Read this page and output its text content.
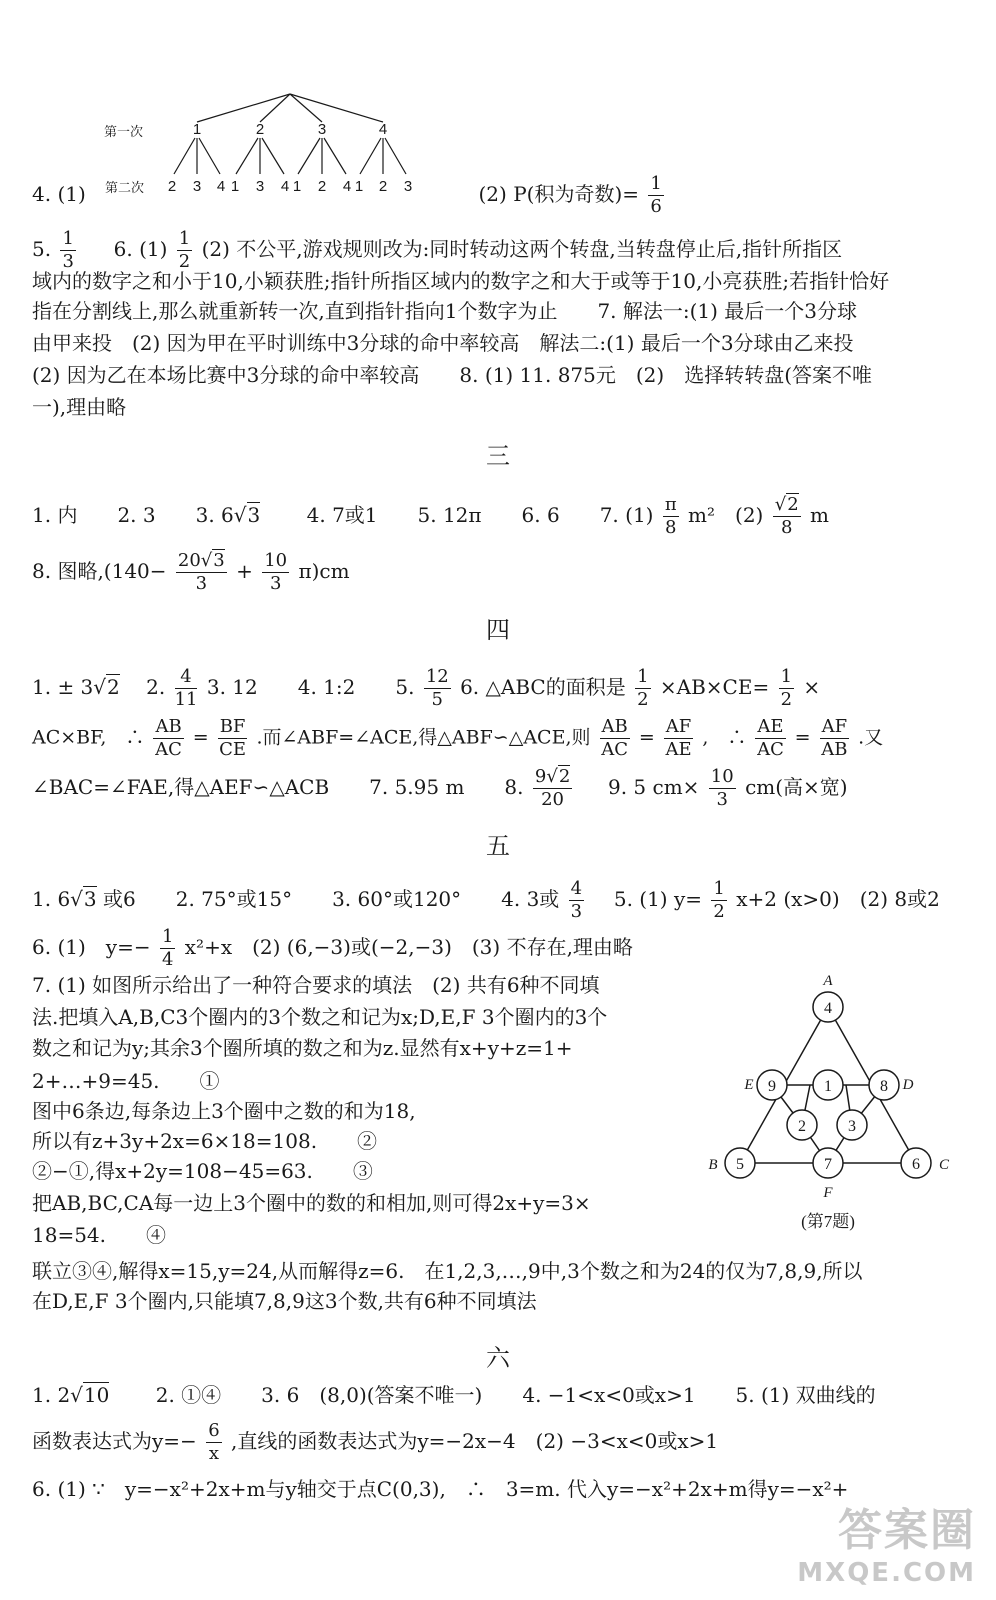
第一次
第二次
1	2	3	4
2 3 4 1 3 4 1 2 4 1 2 3
4. (1)	(2) P(积为奇数)= $\frac{1}{6}$
5. $\frac{1}{3} 6$. $(1) \frac{1}{2} (2)$ 不公平,游戏规则改为:同时转动这两个转盘,当转盘停止后,指针所指区
域内的数字之和小于10,小颖获胜;指针所指区域内的数字之和大于或等于10,小亮获胜;若指针恰好
指在分割线上,那么就重新转一次,直到指针指向1个数字为止　　7. 解法一:(1) 最后一个3分球
由甲来投　(2) 因为甲在平时训练中3分球的命中率较高　解法二:(1) 最后一个3分球由乙来投
(2) 因为乙在本场比赛中3分球的命中率较高　　8. (1) 11. 875元　(2)　选择转转盘(答案不唯
一),理由略
三
1. 内　　2. 3　　3. 6√3 　　4. 7或1　　5. 12π　　6. 6　　7. $(1) \frac{\pi}{8} m^2$　$(2) \frac{√2}{8}$ m
8. 图略$,(140- \frac{20√3}{3} + \frac{10}{3} \pi)cm$
四
1. ± 3√2 　2. $\frac{4}{11} 3$. 12　　4. 1:2　　5. $\frac{12}{5} 6$. △ABC的面积是 $\frac{1}{2} \times AB\times CE= \frac{1}{2}$ ×
AC×BF,　∴ $\frac{AB}{AC} = \frac{BF}{CE}$ .而∠ABF=∠ACE,得△ABF∽△ACE,则 $\frac{AB}{AC} = \frac{AF}{AE}$ ,　∴ $\frac{AE}{AC} = \frac{AF}{AB}$ .又
∠BAC=∠FAE,得△AEF∽△ACB　　7. 5.95 m　　8. $\frac{9√2}{20} 9$. 5 $cm\times \frac{10}{3} cm$(高×宽)
五
1. 6√3 或6　　2. 75°或15°　　3. 60°或120°　　4. 3或 $\frac{4}{3} 5$. (1) $y= \frac{1}{2} x+2$ (x>0)　(2) 8或2
6. (1)　$y=- \frac{1}{4} x^2+x$　(2) (6,−3)或(−2,−3)　(3) 不存在,理由略
7. (1) 如图所示给出了一种符合要求的填法　(2) 共有6种不同填
法.把填入A,B,C3个圈内的3个数之和记为x;D,E,F 3个圈内的3个
数之和记为y;其余3个圈所填的数之和为z.显然有x+y+z=1+
2+…+9=45.　　①
图中6条边,每条边上3个圈中之数的和为18,
所以有z+3y+2x=6×18=108.　　②
②−①,得x+2y=108−45=63.　　③
把AB,BC,CA每一边上3个圈中的数的和相加,则可得2x+y=3×
18=54.　　④
联立③④,解得x=15,y=24,从而解得z=6.　在1,2,3,…,9中,3个数之和为24的仅为7,8,9,所以
在D,E,F 3个圈内,只能填7,8,9这3个数,共有6种不同填法
4
9	1	8
2	3
5	7	6
A
E	D
B	C
F
(第7题)
六
1. 2√10 　　2. ①④　　3. 6　(8,0)(答案不唯一)　　4. −1<x<0或x>1　　5. (1) 双曲线的
函数表达式为$y=- \frac{6}{x}$ ,直线的函数表达式为y=−2x−4　(2) −3<x<0或x>1
6. (1) ∵　y=−x²+2x+m与y轴交于点C(0,3),　∴　3=m. 代入y=−x²+2x+m得y=−x²+
答案圈
MXQE.COM
